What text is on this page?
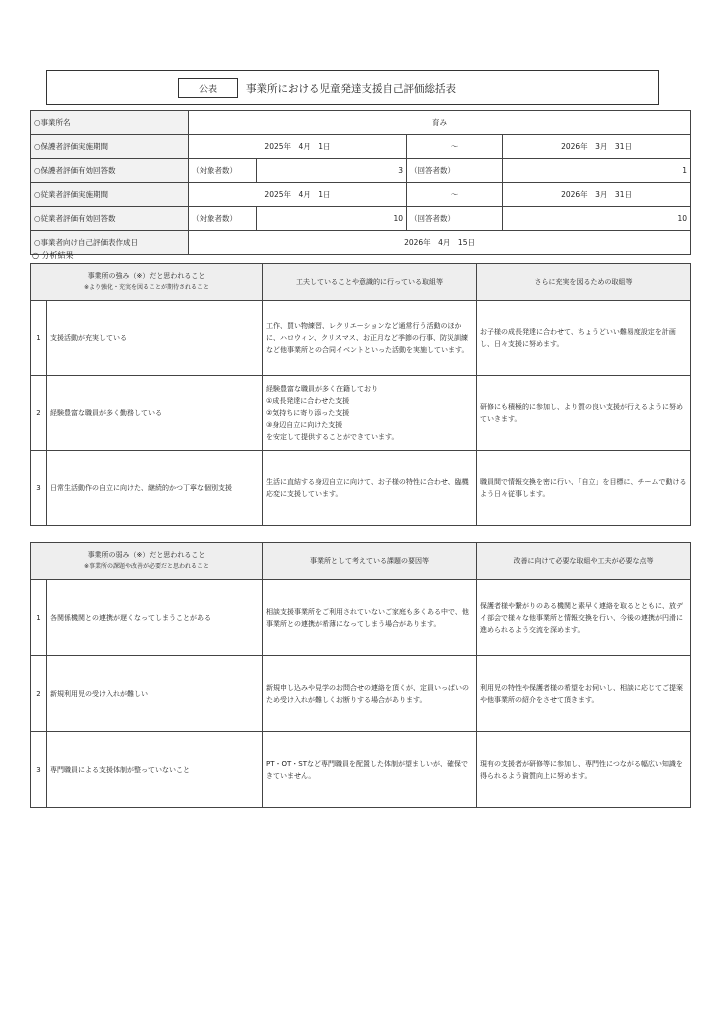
公表	事業所における児童発達支援自己評価総括表
○事業所名	育み			
○保護者評価実施期間	2025年　4月　1日		～	2026年　3月　31日
○保護者評価有効回答数	（対象者数）	3	（回答者数）	1
○従業者評価実施期間	2025年　4月　1日		～	2026年　3月　31日
○従業者評価有効回答数	（対象者数）	10	（回答者数）	10
○事業者向け自己評価表作成日	2026年　4月　15日			
○ 分析結果
事業所の強み（※）だと思われること
※より強化・充実を図ることが期待されること		工夫していることや意識的に行っている取組等	さらに充実を図るための取組等
1	支援活動が充実している	工作、買い物練習、レクリエーションなど通常行う活動のほかに、ハロウィン、クリスマス、お正月など季節の行事、防災訓練など他事業所との合同イベントといった活動を実施しています。	お子様の成長発達に合わせて、ちょうどいい難易度設定を計画し、日々支援に努めます。
2	経験豊富な職員が多く勤務している	経験豊富な職員が多く在籍しており
①成長発達に合わせた支援
②気持ちに寄り添った支援
③身辺自立に向けた支援
を安定して提供することができています。	研修にも積極的に参加し、より質の良い支援が行えるように努めていきます。
3	日常生活動作の自立に向けた、継続的かつ丁寧な個別支援	生活に直結する身辺自立に向けて、お子様の特性に合わせ、臨機応変に支援しています。	職員間で情報交換を密に行い、「自立」を目標に、チームで動けるよう日々従事します。
事業所の弱み（※）だと思われること
※事業所の課題や改善が必要だと思われること		事業所として考えている課題の要因等	改善に向けて必要な取組や工夫が必要な点等
1	各関係機関との連携が遅くなってしまうことがある	相談支援事業所をご利用されていないご家庭も多くある中で、他事業所との連携が希薄になってしまう場合があります。	保護者様や繋がりのある機関と素早く連絡を取るとともに、放デイ部会で様々な他事業所と情報交換を行い、今後の連携が円滑に進められるよう交流を深めます。
2	新規利用児の受け入れが難しい	新規申し込みや見学のお問合せの連絡を頂くが、定員いっぱいのため受け入れが難しくお断りする場合があります。	利用児の特性や保護者様の希望をお伺いし、相談に応じてご提案や他事業所の紹介をさせて頂きます。
3	専門職員による支援体制が整っていないこと	PT・OT・STなど専門職員を配置した体制が望ましいが、確保できていません。	現有の支援者が研修等に参加し、専門性につながる幅広い知識を得られるよう資質向上に努めます。
